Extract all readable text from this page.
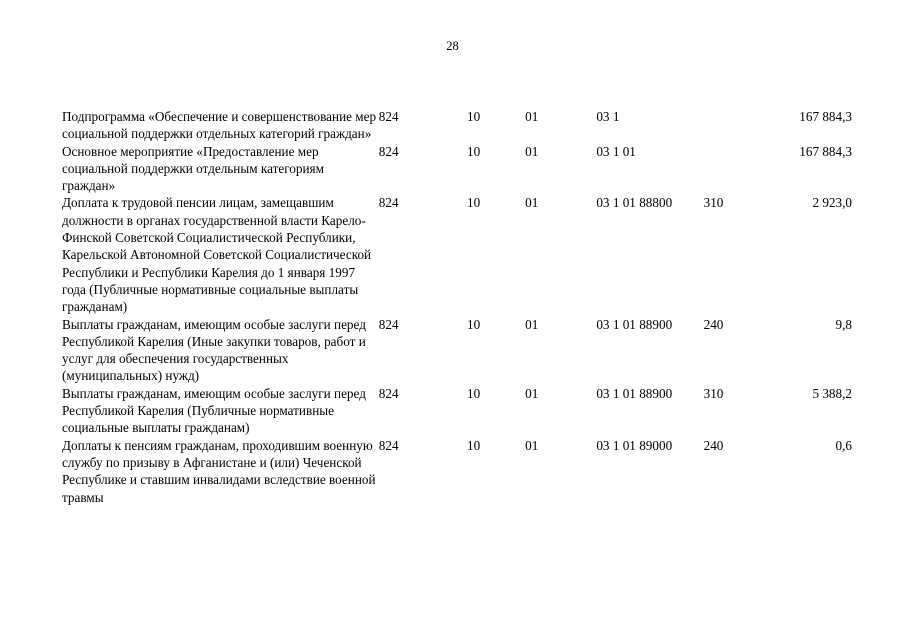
28
Подпрограмма «Обеспечение и совершенствование мер социальной поддержки отдельных категорий граждан»	824	10	01	03 1		167 884,3
Основное мероприятие «Предоставление мер социальной поддержки отдельным категориям граждан»	824	10	01	03 1 01		167 884,3
Доплата к трудовой пенсии лицам, замещавшим должности в органах государственной власти Карело-Финской Советской Социалистической Республики, Карельской Автономной Советской Социалистической Республики и Республики Карелия до 1 января 1997 года (Публичные нормативные социальные выплаты гражданам)	824	10	01	03 1 01 88800	310	2 923,0
Выплаты гражданам, имеющим особые заслуги перед Республикой Карелия (Иные закупки товаров, работ и услуг для обеспечения государственных (муниципальных) нужд)	824	10	01	03 1 01 88900	240	9,8
Выплаты гражданам, имеющим особые заслуги перед Республикой Карелия (Публичные нормативные социальные выплаты гражданам)	824	10	01	03 1 01 88900	310	5 388,2
Доплаты к пенсиям гражданам, проходившим военную службу по призыву в Афганистане и (или) Чеченской Республике и ставшим инвалидами вследствие военной травмы	824	10	01	03 1 01 89000	240	0,6
